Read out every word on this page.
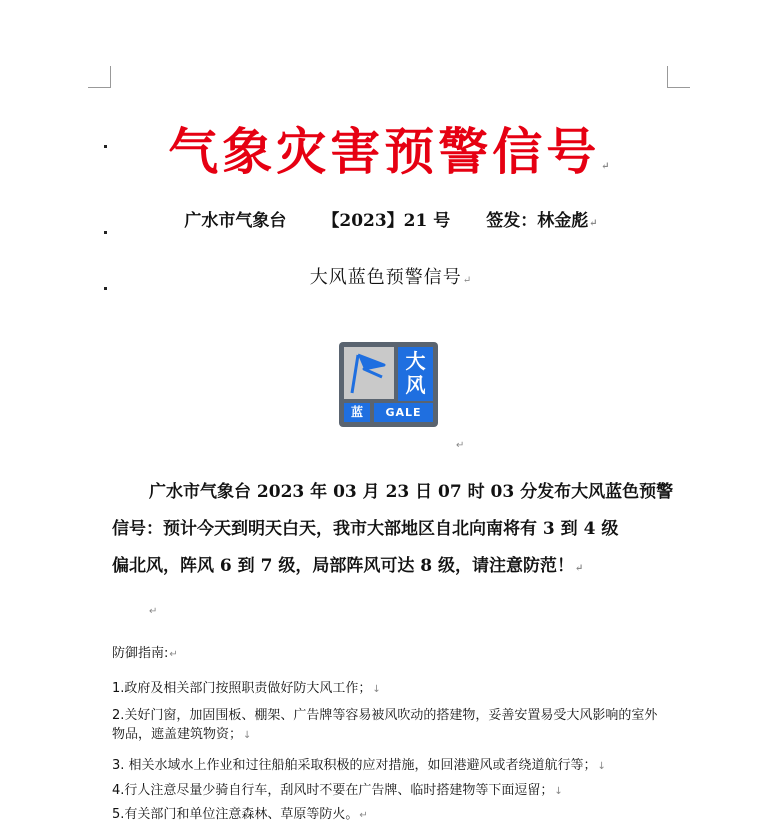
气象灾害预警信号↵
广水市气象台 【2023】21 号 签发：林金彪↵
大风蓝色预警信号↵
大风
蓝	GALE
↵
广水市气象台 2023 年 03 月 23 日 07 时 03 分发布大风蓝色预警
信号：预计今天到明天白天，我市大部地区自北向南将有 3 到 4 级
偏北风，阵风 6 到 7 级，局部阵风可达 8 级，请注意防范！↵
↵
防御指南:↵
1.政府及相关部门按照职责做好防大风工作；↓
2.关好门窗，加固围板、棚架、广告牌等容易被风吹动的搭建物，妥善安置易受大风影响的室外物品，遮盖建筑物资；↓
3. 相关水域水上作业和过往船舶采取积极的应对措施，如回港避风或者绕道航行等；↓
4.行人注意尽量少骑自行车，刮风时不要在广告牌、临时搭建物等下面逗留；↓
5.有关部门和单位注意森林、草原等防火。↵
